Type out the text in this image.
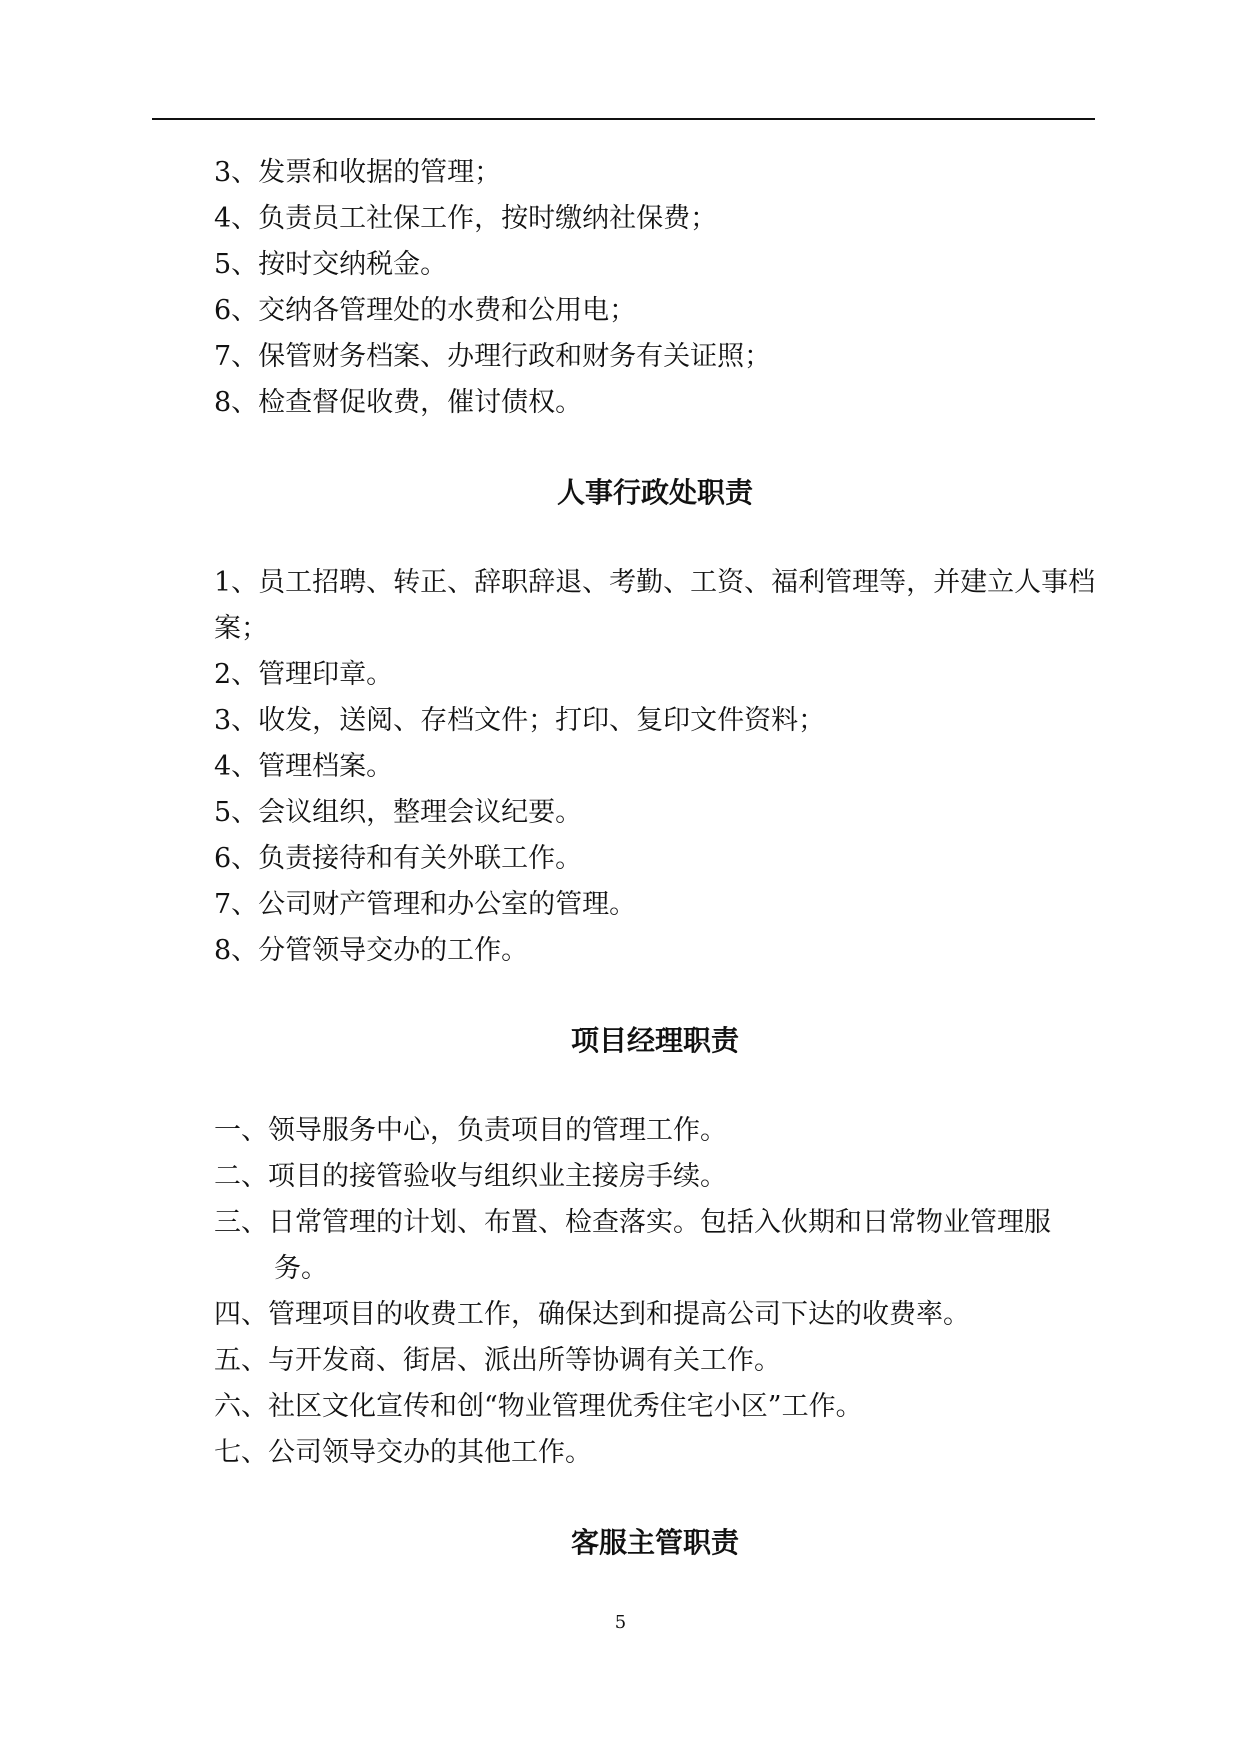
3、发票和收据的管理；

4、负责员工社保工作，按时缴纳社保费；

5、按时交纳税金。

6、交纳各管理处的水费和公用电；

7、保管财务档案、办理行政和财务有关证照；

8、检查督促收费，催讨债权。

人事行政处职责

1、员工招聘、转正、辞职辞退、考勤、工资、福利管理等，并建立人事档案；

2、管理印章。

3、收发，送阅、存档文件；打印、复印文件资料；

4、管理档案。

5、会议组织，整理会议纪要。

6、负责接待和有关外联工作。

7、公司财产管理和办公室的管理。

8、分管领导交办的工作。

项目经理职责

一、领导服务中心，负责项目的管理工作。

二、项目的接管验收与组织业主接房手续。

三、日常管理的计划、布置、检查落实。包括入伙期和日常物业管理服务。

四、管理项目的收费工作，确保达到和提高公司下达的收费率。

五、与开发商、街居、派出所等协调有关工作。

六、社区文化宣传和创“物业管理优秀住宅小区”工作。

七、公司领导交办的其他工作。

客服主管职责
5
